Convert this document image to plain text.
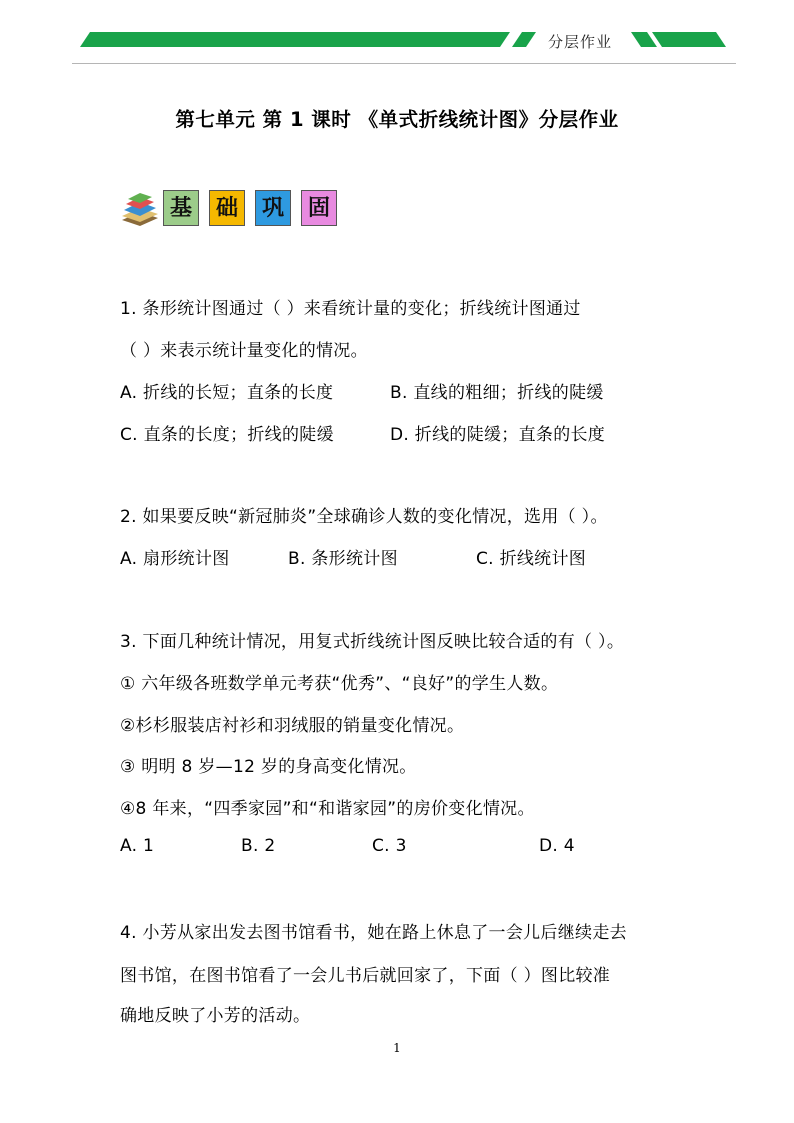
分层作业
第七单元 第 1 课时 《单式折线统计图》分层作业
基	础	巩	固
1. 条形统计图通过（ ）来看统计量的变化；折线统计图通过
（ ）来表示统计量变化的情况。
A. 折线的长短；直条的长度	B. 直线的粗细；折线的陡缓
C. 直条的长度；折线的陡缓	D. 折线的陡缓；直条的长度
2. 如果要反映“新冠肺炎”全球确诊人数的变化情况，选用（ ）。
A. 扇形统计图	B. 条形统计图	C. 折线统计图
3. 下面几种统计情况，用复式折线统计图反映比较合适的有（ ）。
① 六年级各班数学单元考获“优秀”、“良好”的学生人数。
②杉杉服装店衬衫和羽绒服的销量变化情况。
③ 明明 8 岁—12 岁的身高变化情况。
④8 年来，“四季家园”和“和谐家园”的房价变化情况。
A. 1	B. 2	C. 3	D. 4
4. 小芳从家出发去图书馆看书，她在路上休息了一会儿后继续走去
图书馆，在图书馆看了一会儿书后就回家了，下面（ ）图比较准
确地反映了小芳的活动。
1
